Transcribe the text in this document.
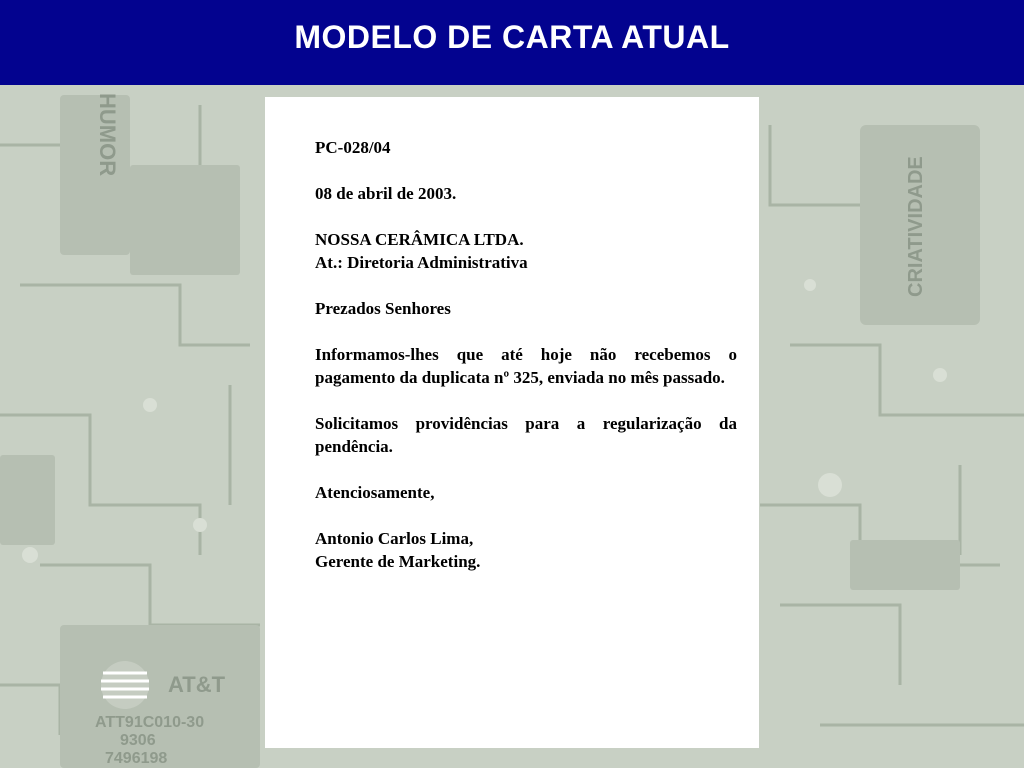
MODELO DE CARTA ATUAL
HUMOR
CRIATIVIDADE
AT&T
ATT91C010-30
9306
7496198

PC-028/04

08 de abril de 2003.

NOSSA CERÂMICA LTDA.
At.: Diretoria Administrativa

Prezados Senhores

Informamos-lhes que até hoje não recebemos o pagamento da duplicata nº 325, enviada no mês passado.

Solicitamos providências para a regularização da pendência.

Atenciosamente,

Antonio Carlos Lima,
Gerente de Marketing.
